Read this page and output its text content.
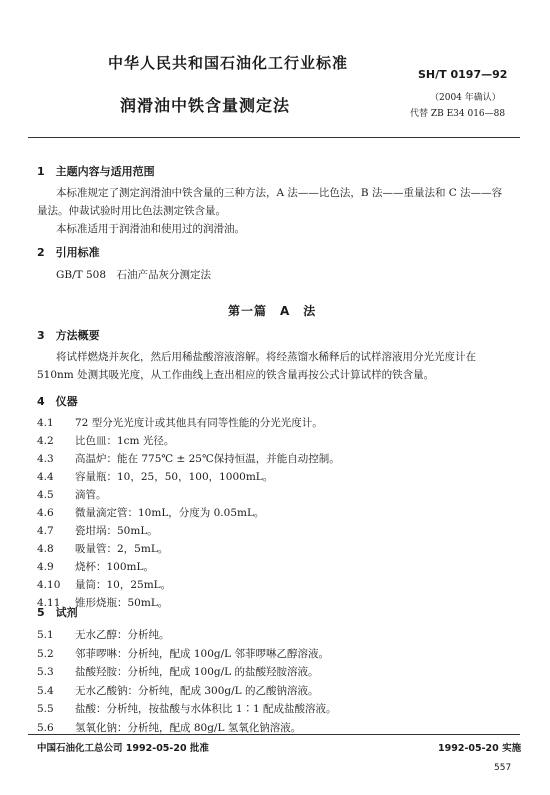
中华人民共和国石油化工行业标准
SH/T 0197—92
润滑油中铁含量测定法	（2004 年确认）
代替 ZB E34 016—88
1　主题内容与适用范围
本标准规定了测定润滑油中铁含量的三种方法，A 法——比色法，B 法——重量法和 C 法——容
量法。仲裁试验时用比色法测定铁含量。
本标准适用于润滑油和使用过的润滑油。
2　引用标准
GB/T 508　石油产品灰分测定法
第一篇　A　法
3　方法概要
将试样燃烧并灰化，然后用稀盐酸溶液溶解。将经蒸馏水稀释后的试样溶液用分光光度计在
510nm 处测其吸光度，从工作曲线上查出相应的铁含量再按公式计算试样的铁含量。
4　仪器
4.1 72 型分光光度计或其他具有同等性能的分光光度计。
4.2 比色皿：1cm 光径。
4.3 高温炉：能在 775℃ ± 25℃保持恒温，并能自动控制。
4.4 容量瓶：10，25，50，100，1000mL。
4.5 滴管。
4.6 微量滴定管：10mL，分度为 0.05mL。
4.7 瓷坩埚：50mL。
4.8 吸量管：2，5mL。
4.9 烧杯：100mL。
4.10 量筒：10，25mL。
4.11 锥形烧瓶：50mL。
5　试剂
5.1 无水乙醇：分析纯。
5.2 邻菲啰啉：分析纯，配成 100g/L 邻菲啰啉乙醇溶液。
5.3 盐酸羟胺：分析纯，配成 100g/L 的盐酸羟胺溶液。
5.4 无水乙酸钠：分析纯，配成 300g/L 的乙酸钠溶液。
5.5 盐酸：分析纯，按盐酸与水体积比 1∶1 配成盐酸溶液。
5.6 氢氧化钠：分析纯，配成 80g/L 氢氧化钠溶液。
中国石油化工总公司 1992-05-20 批准	1992-05-20 实施
557
